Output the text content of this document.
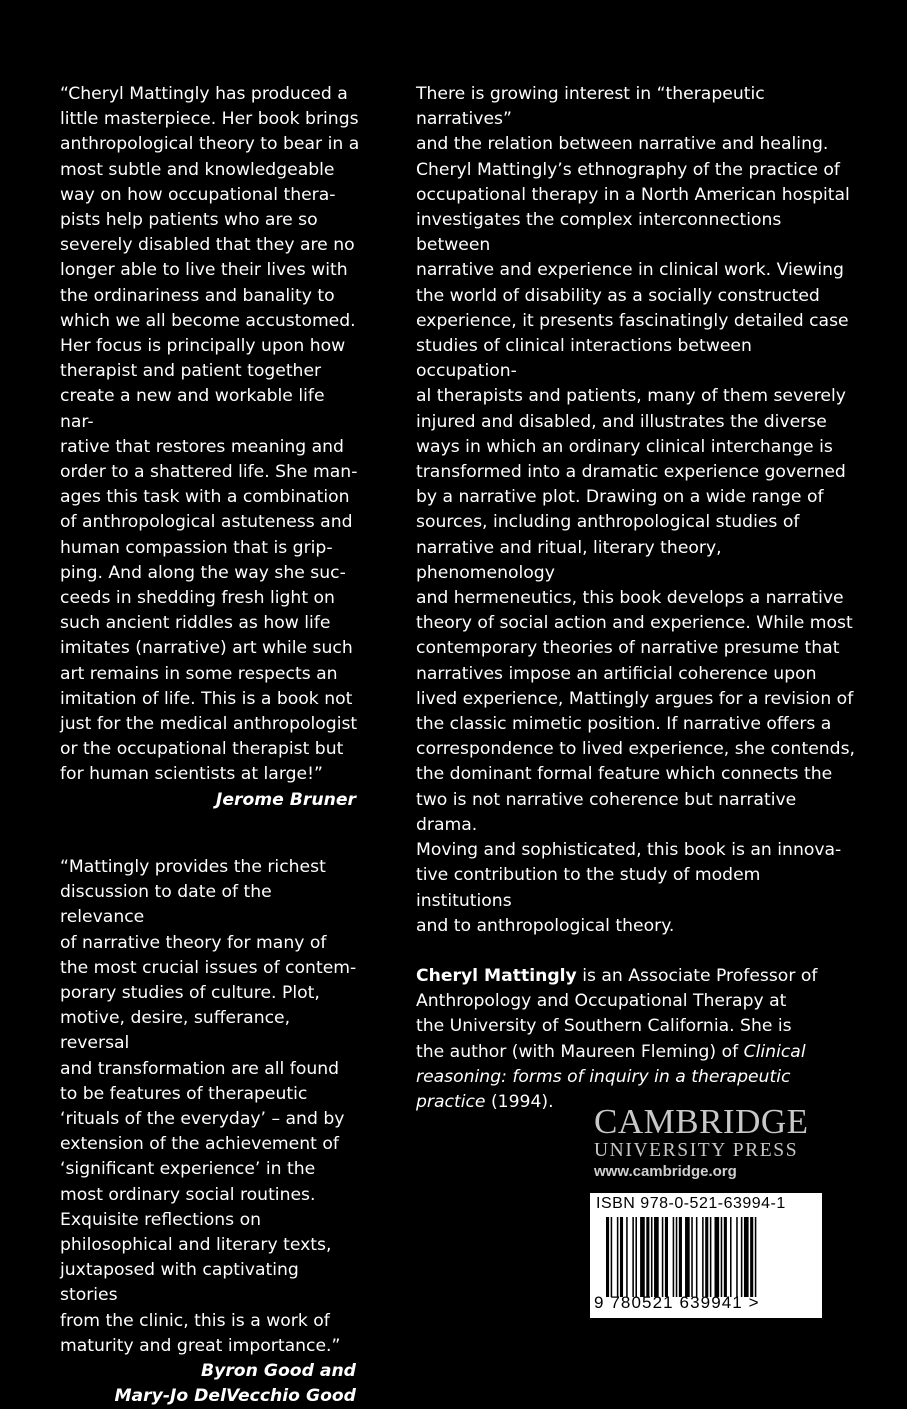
“Cheryl Mattingly has produced a
little masterpiece. Her book brings
anthropological theory to bear in a
most subtle and knowledgeable
way on how occupational thera-
pists help patients who are so
severely disabled that they are no
longer able to live their lives with
the ordinariness and banality to
which we all become accustomed.
Her focus is principally upon how
therapist and patient together
create a new and workable life nar-
rative that restores meaning and
order to a shattered life. She man-
ages this task with a combination
of anthropological astuteness and
human compassion that is grip-
ping. And along the way she suc-
ceeds in shedding fresh light on
such ancient riddles as how life
imitates (narrative) art while such
art remains in some respects an
imitation of life. This is a book not
just for the medical anthropologist
or the occupational therapist but
for human scientists at large!”

Jerome Bruner

“Mattingly provides the richest
discussion to date of the relevance
of narrative theory for many of
the most crucial issues of contem-
porary studies of culture. Plot,
motive, desire, sufferance, reversal
and transformation are all found
to be features of therapeutic
‘rituals of the everyday’ – and by
extension of the achievement of
‘significant experience’ in the
most ordinary social routines.
Exquisite reflections on
philosophical and literary texts,
juxtaposed with captivating stories
from the clinic, this is a work of
maturity and great importance.”

Byron Good and

Mary-Jo DelVecchio Good

There is growing interest in “therapeutic narratives”
and the relation between narrative and healing.
Cheryl Mattingly’s ethnography of the practice of
occupational therapy in a North American hospital
investigates the complex interconnections between
narrative and experience in clinical work. Viewing
the world of disability as a socially constructed
experience, it presents fascinatingly detailed case
studies of clinical interactions between occupation-
al therapists and patients, many of them severely
injured and disabled, and illustrates the diverse
ways in which an ordinary clinical interchange is
transformed into a dramatic experience governed
by a narrative plot. Drawing on a wide range of
sources, including anthropological studies of
narrative and ritual, literary theory, phenomenology
and hermeneutics, this book develops a narrative
theory of social action and experience. While most
contemporary theories of narrative presume that
narratives impose an artificial coherence upon
lived experience, Mattingly argues for a revision of
the classic mimetic position. If narrative offers a
correspondence to lived experience, she contends,
the dominant formal feature which connects the
two is not narrative coherence but narrative drama.
Moving and sophisticated, this book is an innova-
tive contribution to the study of modem institutions
and to anthropological theory.
Cheryl Mattingly is an Associate Professor of
Anthropology and Occupational Therapy at
the University of Southern California. She is
the author (with Maureen Fleming) of Clinical
reasoning: forms of inquiry in a therapeutic
practice (1994).

CAMBRIDGE

UNIVERSITY PRESS

www.cambridge.org

ISBN 978-0-521-63994-1
9 780521 639941 >
